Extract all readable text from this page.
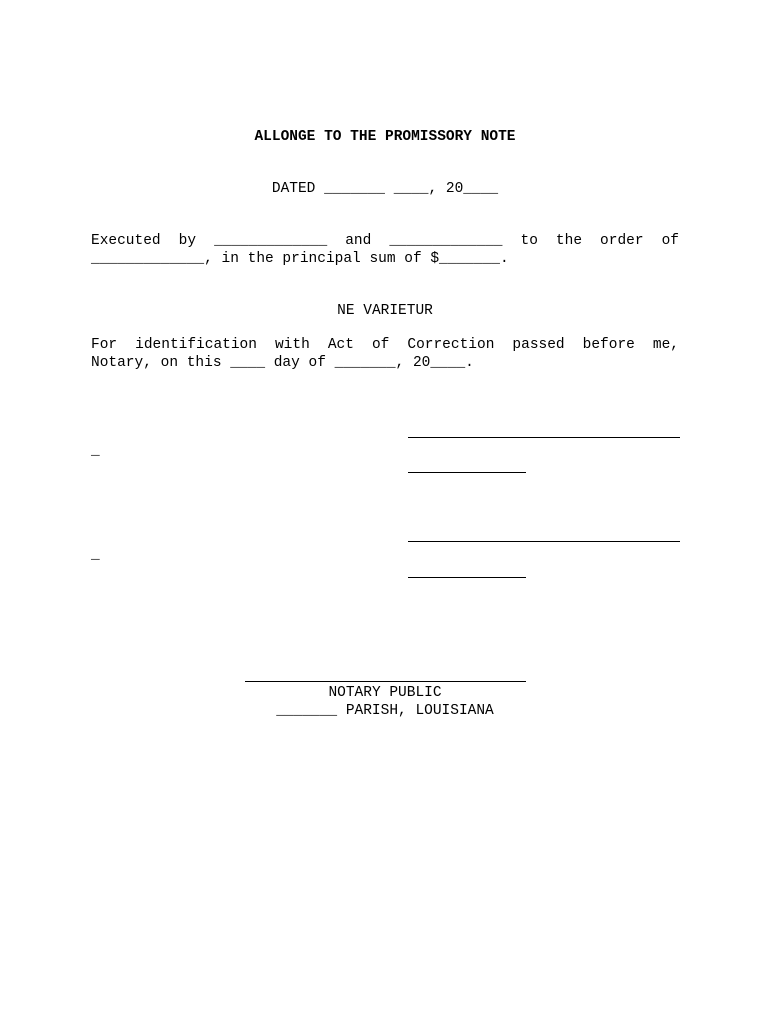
ALLONGE TO THE PROMISSORY NOTE
DATED _______ ____, 20____
Executed by _____________ and _____________ to the order of
_____________, in the principal sum of $_______.
NE VARIETUR
For identification with Act of Correction passed before me,
Notary, on this ____ day of _______, 20____.
_
_
NOTARY PUBLIC
_______ PARISH, LOUISIANA
